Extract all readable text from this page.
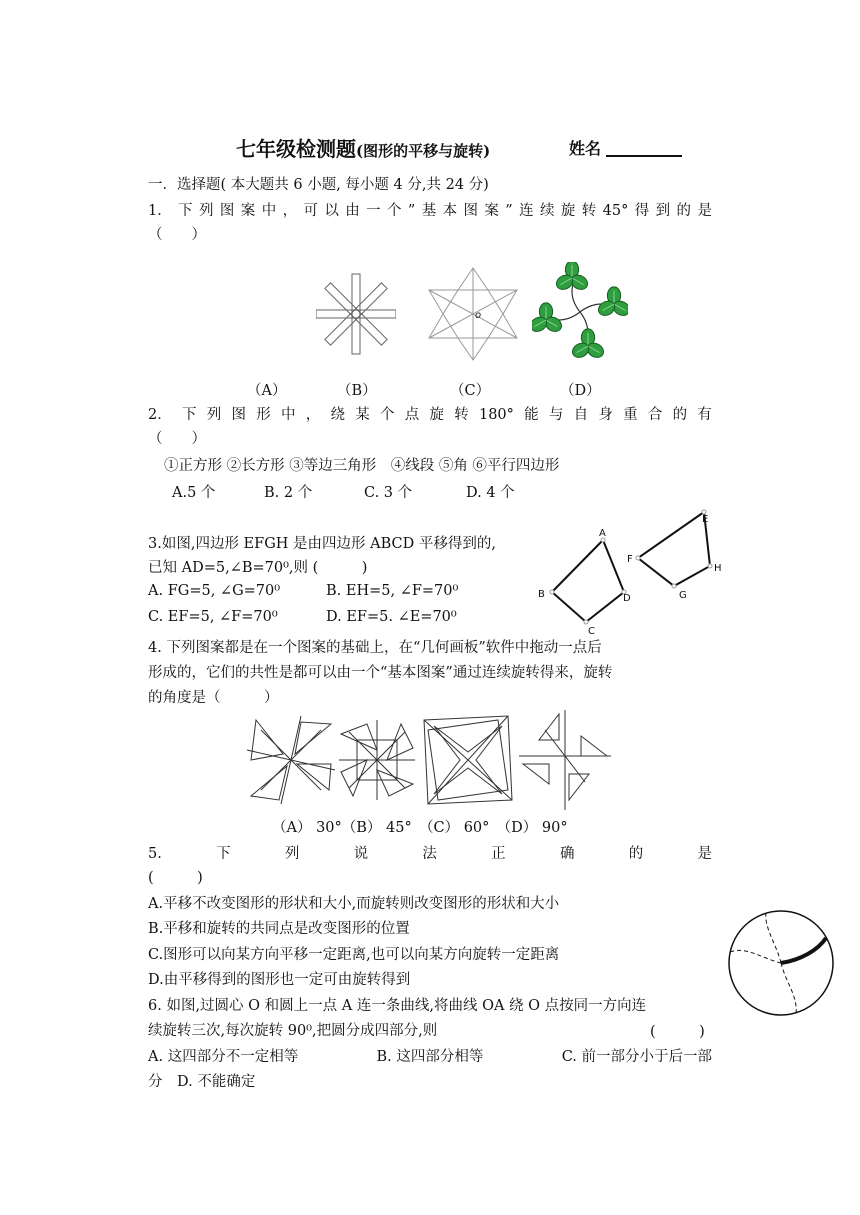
七年级检测题(图形的平移与旋转)	姓名
一．选择题( 本大题共 6 小题, 每小题 4 分,共 24 分)
1． 下 列 图 案 中 ， 可 以 由 一 个 ” 基 本 图 案 ” 连 续 旋 转 45° 得 到 的 是
（　　）
o
（A）	（B）	（C）	（D）
2． 下 列 图 形 中 ， 绕 某 个 点 旋 转 180° 能 与 自 身 重 合 的 有
（　　）
①正方形 ②长方形 ③等边三角形　④线段 ⑤角 ⑥平行四边形
A.5 个	B. 2 个	C. 3 个	D. 4 个
3.如图,四边形 EFGH 是由四边形 ABCD 平移得到的,
已知 AD=5,∠B=70⁰,则 (　　　)
A. FG=5, ∠G=70⁰	B. EH=5, ∠F=70⁰
C. EF=5, ∠F=70⁰	D. EF=5. ∠E=70⁰
A
B
C
D
E
F
G
H
4. 下列图案都是在一个图案的基础上，在“几何画板”软件中拖动一点后
形成的，它们的共性是都可以由一个“基本图案”通过连续旋转得来，旋转
的角度是（　　　）
（A） 30°（B） 45°　（C） 60°　（D） 90°
5.	下	列	说	法	正	确	的	是
(　　　)
A.平移不改变图形的形状和大小,而旋转则改变图形的形状和大小
B.平移和旋转的共同点是改变图形的位置
C.图形可以向某方向平移一定距离,也可以向某方向旋转一定距离
D.由平移得到的图形也一定可由旋转得到
6. 如图,过圆心 O 和圆上一点 A 连一条曲线,将曲线 OA 绕 O 点按同一方向连
续旋转三次,每次旋转 90⁰,把圆分成四部分,则	(　　　)
A. 这四部分不一定相等	B. 这四部分相等	C. 前一部分小于后一部
分　D. 不能确定
